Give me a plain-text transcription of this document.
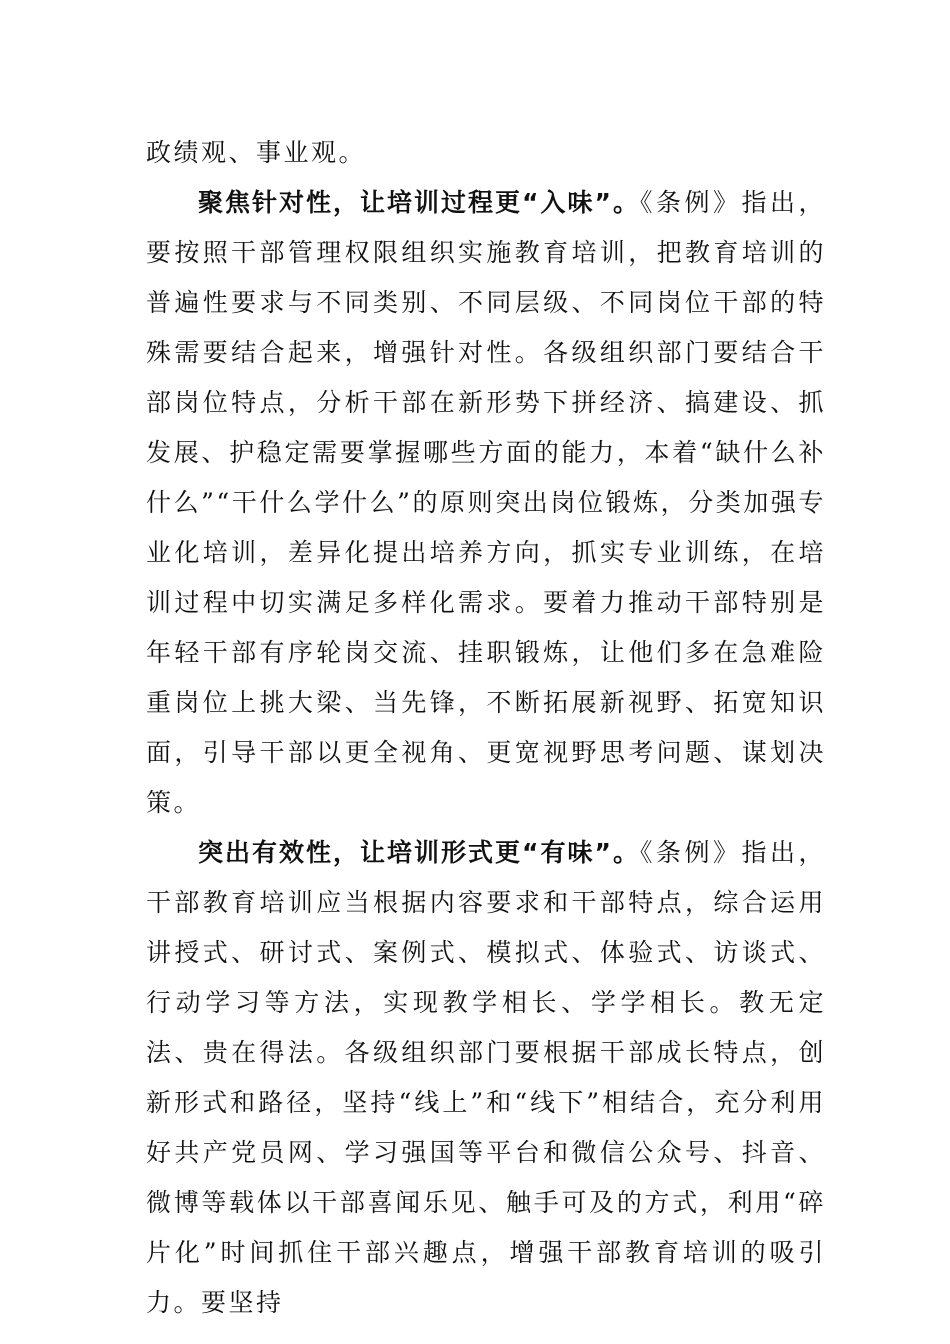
政绩观、事业观。

聚焦针对性，让培训过程更“入味”。《条例》指出，要按照干部管理权限组织实施教育培训，把教育培训的普遍性要求与不同类别、不同层级、不同岗位干部的特殊需要结合起来，增强针对性。各级组织部门要结合干部岗位特点，分析干部在新形势下拼经济、搞建设、抓发展、护稳定需要掌握哪些方面的能力，本着“缺什么补什么”“干什么学什么”的原则突出岗位锻炼，分类加强专业化培训，差异化提出培养方向，抓实专业训练，在培训过程中切实满足多样化需求。要着力推动干部特别是年轻干部有序轮岗交流、挂职锻炼，让他们多在急难险重岗位上挑大梁、当先锋，不断拓展新视野、拓宽知识面，引导干部以更全视角、更宽视野思考问题、谋划决策。

突出有效性，让培训形式更“有味”。《条例》指出，干部教育培训应当根据内容要求和干部特点，综合运用讲授式、研讨式、案例式、模拟式、体验式、访谈式、行动学习等方法，实现教学相长、学学相长。教无定法、贵在得法。各级组织部门要根据干部成长特点，创新形式和路径，坚持“线上”和“线下”相结合，充分利用好共产党员网、学习强国等平台和微信公众号、抖音、微博等载体以干部喜闻乐见、触手可及的方式，利用“碎片化”时间抓住干部兴趣点，增强干部教育培训的吸引力。要坚持
